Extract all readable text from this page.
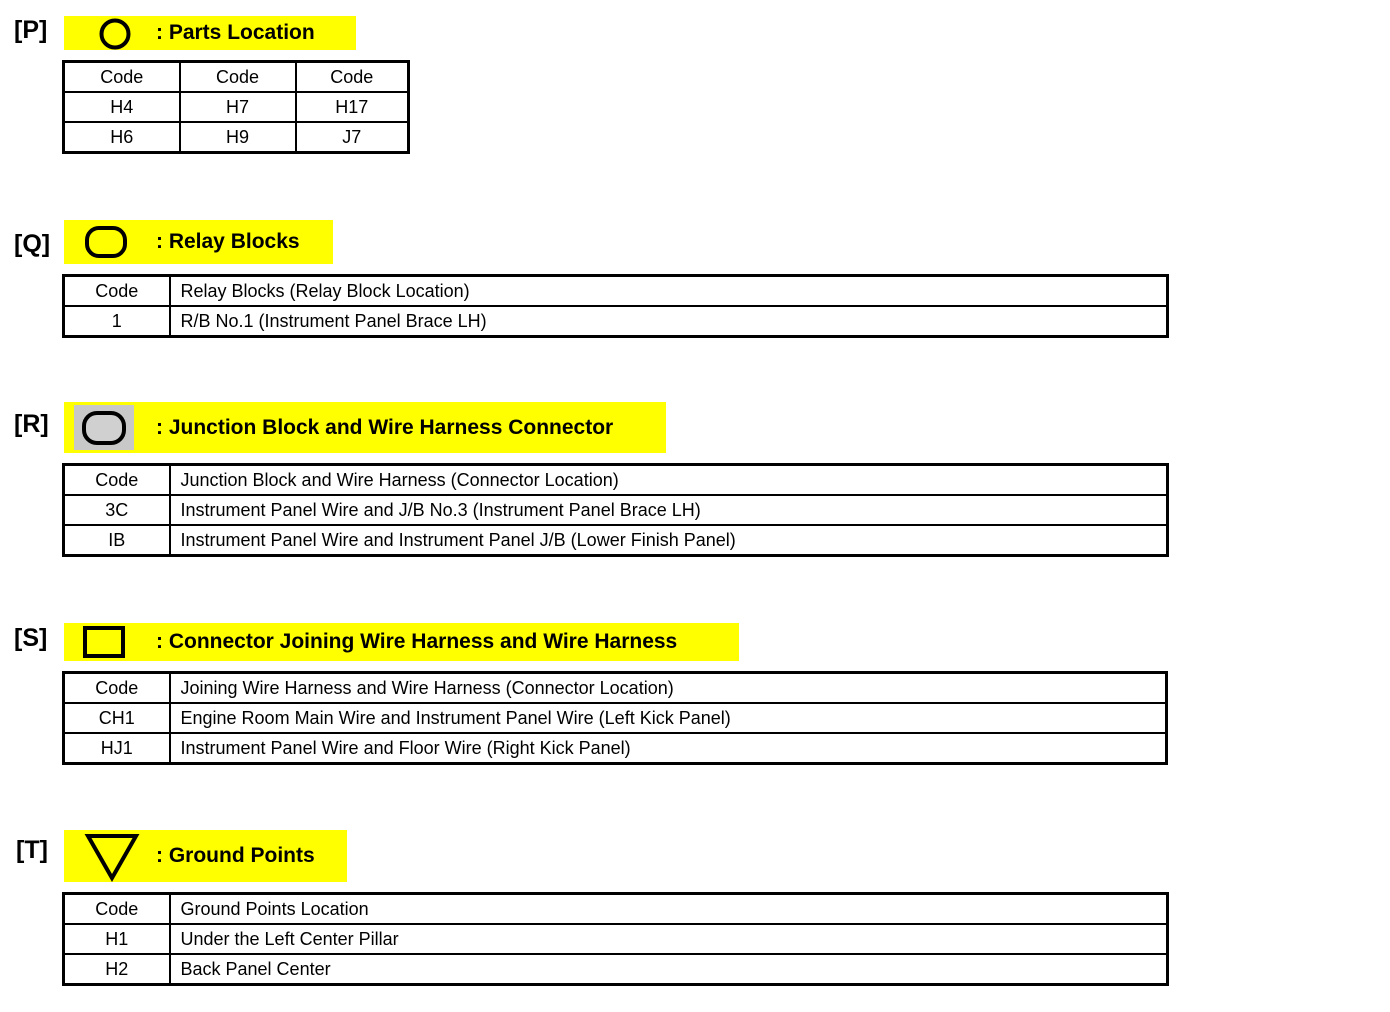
[P]	: Parts Location
Code	Code	Code
H4	H7	H17
H6	H9	J7
[Q]	: Relay Blocks
Code	Relay Blocks (Relay Block Location)
1	R/B No.1 (Instrument Panel Brace LH)
[R]	: Junction Block and Wire Harness Connector
Code	Junction Block and Wire Harness (Connector Location)
3C	Instrument Panel Wire and J/B No.3 (Instrument Panel Brace LH)
IB	Instrument Panel Wire and Instrument Panel J/B (Lower Finish Panel)
[S]	: Connector Joining Wire Harness and Wire Harness
Code	Joining Wire Harness and Wire Harness (Connector Location)
CH1	Engine Room Main Wire and Instrument Panel Wire (Left Kick Panel)
HJ1	Instrument Panel Wire and Floor Wire (Right Kick Panel)
[T]	: Ground Points
Code	Ground Points Location
H1	Under the Left Center Pillar
H2	Back Panel Center
